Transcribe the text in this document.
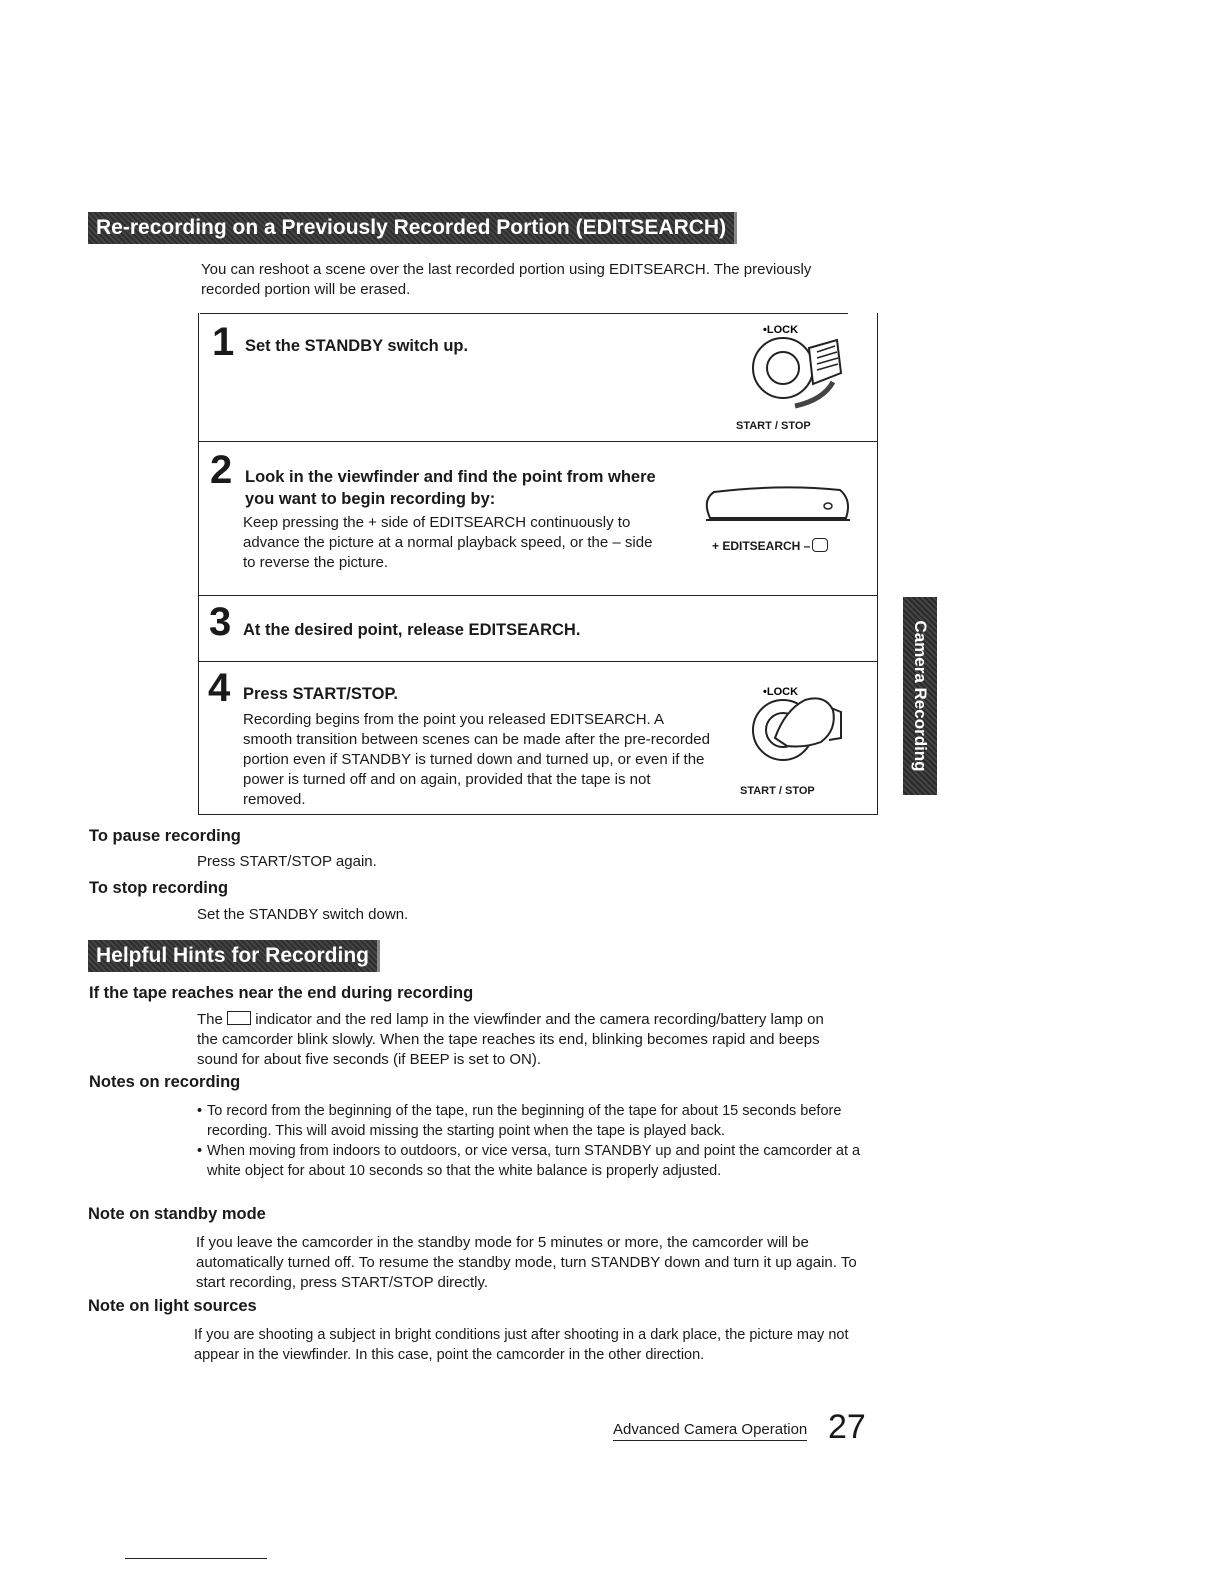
Re-recording on a Previously Recorded Portion (EDITSEARCH)
You can reshoot a scene over the last recorded portion using EDITSEARCH. The previously recorded portion will be erased.
1 Set the STANDBY switch up.
•LOCK
START / STOP
2 Look in the viewfinder and find the point from where you want to begin recording by:
Keep pressing the + side of EDITSEARCH continuously to advance the picture at a normal playback speed, or the – side to reverse the picture.
+ EDITSEARCH –
3 At the desired point, release EDITSEARCH.
4 Press START/STOP.
Recording begins from the point you released EDITSEARCH. A smooth transition between scenes can be made after the pre-recorded portion even if STANDBY is turned down and turned up, or even if the power is turned off and on again, provided that the tape is not removed.
•LOCK
START / STOP
Camera Recording
To pause recording
Press START/STOP again.
To stop recording
Set the STANDBY switch down.
Helpful Hints for Recording
If the tape reaches near the end during recording
The indicator and the red lamp in the viewfinder and the camera recording/battery lamp on the camcorder blink slowly. When the tape reaches its end, blinking becomes rapid and beeps sound for about five seconds (if BEEP is set to ON).
Notes on recording
• To record from the beginning of the tape, run the beginning of the tape for about 15 seconds before recording. This will avoid missing the starting point when the tape is played back.
• When moving from indoors to outdoors, or vice versa, turn STANDBY up and point the camcorder at a white object for about 10 seconds so that the white balance is properly adjusted.
Note on standby mode
If you leave the camcorder in the standby mode for 5 minutes or more, the camcorder will be automatically turned off. To resume the standby mode, turn STANDBY down and turn it up again. To start recording, press START/STOP directly.
Note on light sources
If you are shooting a subject in bright conditions just after shooting in a dark place, the picture may not appear in the viewfinder. In this case, point the camcorder in the other direction.
Advanced Camera Operation 27
